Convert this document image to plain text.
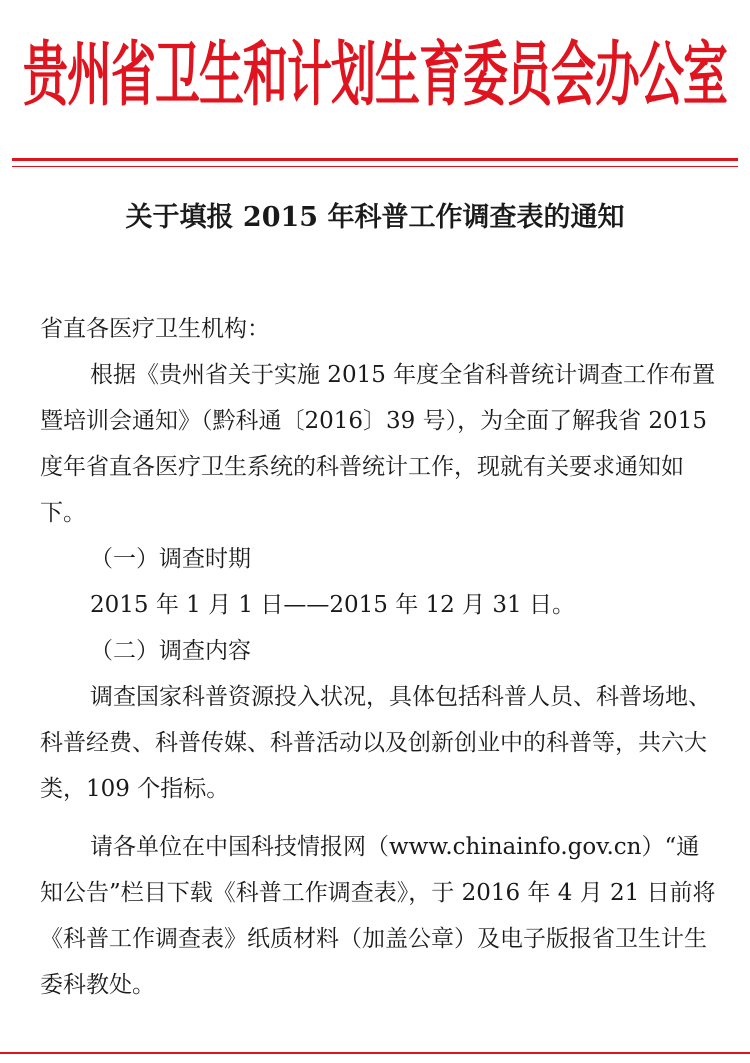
贵州省卫生和计划生育委员会办公室
关于填报 2015 年科普工作调查表的通知

省直各医疗卫生机构：

根据《贵州省关于实施 2015 年度全省科普统计调查工作布置暨培训会通知》（黔科通〔2016〕39 号），为全面了解我省 2015 度年省直各医疗卫生系统的科普统计工作，现就有关要求通知如下。

（一）调查时期

2015 年 1 月 1 日——2015 年 12 月 31 日。

（二）调查内容

调查国家科普资源投入状况，具体包括科普人员、科普场地、科普经费、科普传媒、科普活动以及创新创业中的科普等，共六大类，109 个指标。

请各单位在中国科技情报网（www.chinainfo.gov.cn）“通知公告”栏目下载《科普工作调查表》，于 2016 年 4 月 21 日前将《科普工作调查表》纸质材料（加盖公章）及电子版报省卫生计生委科教处。
